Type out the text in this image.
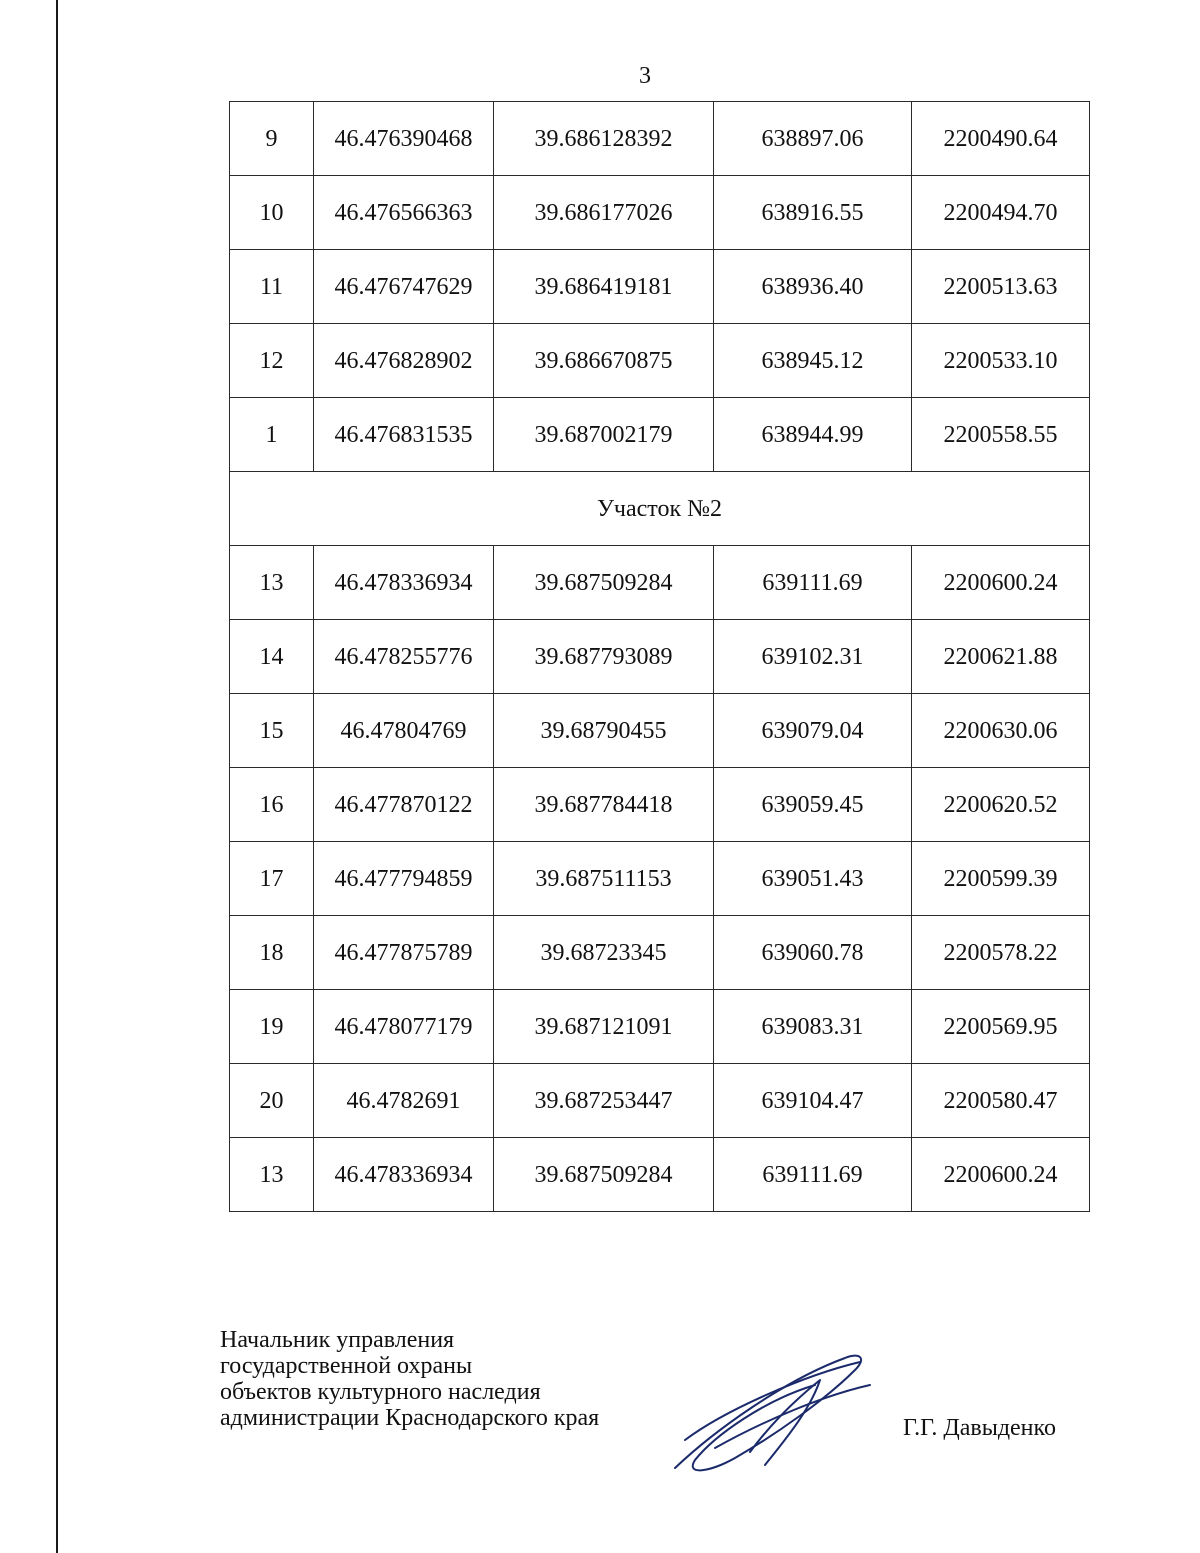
3
9	46.476390468	39.686128392	638897.06	2200490.64
10	46.476566363	39.686177026	638916.55	2200494.70
11	46.476747629	39.686419181	638936.40	2200513.63
12	46.476828902	39.686670875	638945.12	2200533.10
1	46.476831535	39.687002179	638944.99	2200558.55
Участок №2				
13	46.478336934	39.687509284	639111.69	2200600.24
14	46.478255776	39.687793089	639102.31	2200621.88
15	46.47804769	39.68790455	639079.04	2200630.06
16	46.477870122	39.687784418	639059.45	2200620.52
17	46.477794859	39.687511153	639051.43	2200599.39
18	46.477875789	39.68723345	639060.78	2200578.22
19	46.478077179	39.687121091	639083.31	2200569.95
20	46.4782691	39.687253447	639104.47	2200580.47
13	46.478336934	39.687509284	639111.69	2200600.24
Начальник управления
государственной охраны
объектов культурного наследия
администрации Краснодарского края	Г.Г. Давыденко
